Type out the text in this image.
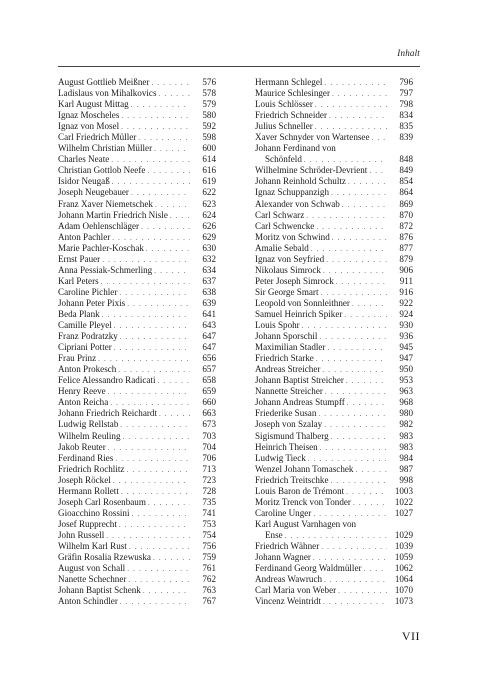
Inhalt
August Gottlieb Meißner . . .	576
Ladislaus von Mihalkovics . . .	578
Karl August Mittag . . .	579
Ignaz Moscheles . . .	580
Ignaz von Mosel . . .	592
Carl Friedrich Müller . . .	598
Wilhelm Christian Müller . . .	600
Charles Neate . . .	614
Christian Gottlob Neefe . . .	616
Isidor Neugaß . . .	619
Joseph Neugebauer . . .	622
Franz Xaver Niemetschek . . .	623
Johann Martin Friedrich Nisle . . .	624
Adam Oehlenschläger . . .	626
Anton Pachler . . .	629
Marie Pachler-Koschak . . .	630
Ernst Pauer . . .	632
Anna Pessiak-Schmerling . . .	634
Karl Peters . . .	637
Caroline Pichler . . .	638
Johann Peter Pixis . . .	639
Beda Plank . . .	641
Camille Pleyel . . .	643
Franz Podratzky . . .	647
Cipriani Potter . . .	647
Frau Prinz . . .	656
Anton Prokesch . . .	657
Felice Alessandro Radicati . . .	658
Henry Reeve . . .	659
Anton Reicha . . .	660
Johann Friedrich Reichardt . . .	663
Ludwig Rellstab . . .	673
Wilhelm Reuling . . .	703
Jakob Reuter . . .	704
Ferdinand Ries . . .	706
Friedrich Rochlitz . . .	713
Joseph Röckel . . .	723
Hermann Rollett . . .	728
Joseph Carl Rosenbaum . . .	735
Gioacchino Rossini . . .	741
Josef Rupprecht . . .	753
John Russell . . .	754
Wilhelm Karl Rust . . .	756
Gräfin Rosalia Rzewuska . . .	759
August von Schall . . .	761
Nanette Schechner . . .	762
Johann Baptist Schenk . . .	763
Anton Schindler . . .	767
Hermann Schlegel . . .	796
Maurice Schlesinger . . .	797
Louis Schlösser . . .	798
Friedrich Schneider . . .	834
Julius Schneller . . .	835
Xaver Schnyder von Wartensee . . .	839
Johann Ferdinand von
Schönfeld . . .	848
Wilhelmine Schröder-Devrient . . .	849
Johann Reinhold Schultz . . .	854
Ignaz Schuppanzigh . . .	864
Alexander von Schwab . . .	869
Carl Schwarz . . .	870
Carl Schwencke . . .	872
Moritz von Schwind . . .	876
Amalie Sebald . . .	877
Ignaz von Seyfried . . .	879
Nikolaus Simrock . . .	906
Peter Joseph Simrock . . .	911
Sir George Smart . . .	916
Leopold von Sonnleithner . . .	922
Samuel Heinrich Spiker . . .	924
Louis Spohr . . .	930
Johann Sporschil . . .	936
Maximilian Stadler . . .	945
Friedrich Starke . . .	947
Andreas Streicher . . .	950
Johann Baptist Streicher . . .	953
Nannette Streicher . . .	963
Johann Andreas Stumpff . . .	968
Friederike Susan . . .	980
Joseph von Szalay . . .	982
Sigismund Thalberg . . .	983
Heinrich Theisen . . .	983
Ludwig Tieck . . .	984
Wenzel Johann Tomaschek . . .	987
Friedrich Treitschke . . .	998
Louis Baron de Trémont . . .	1003
Moritz Trenck von Tonder . . .	1022
Caroline Unger . . .	1027
Karl August Varnhagen von
Ense . . .	1029
Friedrich Wähner . . .	1039
Johann Wagner . . .	1059
Ferdinand Georg Waldmüller . . .	1062
Andreas Wawruch . . .	1064
Carl Maria von Weber . . .	1070
Vincenz Weintridt . . .	1073
VII
